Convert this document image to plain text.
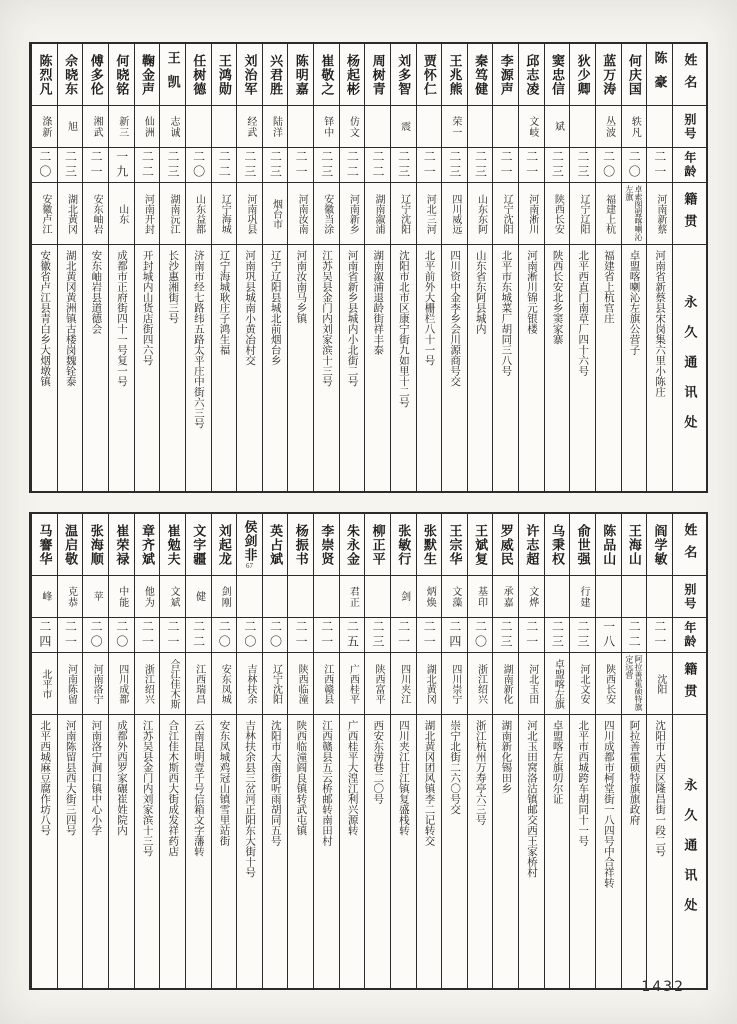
姓名
别号
年龄
籍贯
永久通讯处
陈豪
二一
河南新蔡
河南省新蔡县宋岗集六里小陈庄
何庆国
轶凡
二〇
卓索图盟喀喇沁左旗
卓盟喀喇沁左旗公营子
蓝万涛
丛波
二〇
福建上杭
福建省上杭官庄
狄少卿
二三
辽宁辽阳
北平西直门南草厂四十六号
窦忠信
斌
二三
陕西长安
陕西长安北乡窦家寨
邱志凌
文岐
二一
河南淅川
河南淅川锦元银楼
李源声
二一
辽宁沈阳
北平市东城菜厂胡同三八号
秦笃健
二三
山东东阿
山东省东阿县城内
王兆熊
荣一
二三
四川威远
四川资中金李乡会川源商号交
贾怀仁
二一
河北三河
北平前外大栅栏八十一号
刘多智
震
二三
辽宁沈阳
沈阳市北市区康宁街九如里十二号
周树青
二二
湖南溆浦
湖南溆浦退龄街祥丰泰
杨起彬
仿文
二二
河南新乡
河南省新乡县城内小北街二号
崔敬之
铎中
二三
安徽当涂
江苏吴县金门内刘家滨十三号
陈明嘉
二一
河南汝南
河南汝南马乡镇
兴君胜
陆洋
二三
烟台市
辽宁辽阳县城北前烟台乡
刘治军
经武
二三
河南巩县
河南巩县城南小黄冶村交
王鸿勋
二二
辽宁海城
辽宁海城耿庄子鸿生福
任树德
二〇
山东益都
济南市经七路纬五路太平庄中街六三号
王凯
志诚
二三
湖南沅江
长沙惠湘街三号
鞠金声
仙洲
二二
河南开封
开封城内山货店街四六号
何晓铭
新三
一九
山东
成都市正府街四十一号复一号
傅多伦
湘武
二一
安东岫岩
安东岫岩县道德会
佘晓东
旭
二三
湖北黄冈
湖北黄冈黄洲镇古楼岗魏铨泰
陈烈凡
涤新
二〇
安徽卢江
安徽省卢江县青白乡大烟墩镇
姓名
别号
年龄
籍贯
永久通讯处
阎学敏
二一
沈阳
沈阳市大西区隆昌街一段二号
王海山
二二
阿拉善霍硕特旗定远营
阿拉善霍硕特旗旗政府
陈品山
一八
陕西长安
四川成都市柯堂街一八四号中合祥转
俞世强
行建
二三
河北文安
北平市西城跨车胡同十一号
乌秉权
二三
卓盟喀左旗
卓盟喀左旗叨尔证
许志超
文烨
二一
河北玉田
河北玉田窝洛沽镇邮交西王家桥村
罗威民
承嘉
二三
湖南新化
湖南新化锡田乡
王斌复
基印
二〇
浙江绍兴
浙江杭州万寿亭六三号
王宗华
文藻
二四
四川崇宁
崇宁北街二六〇号交
张默生
炳焕
二一
湖北黄冈
湖北黄冈团风镇李二记转交
张敏行
剑
二一
四川夹江
四川夹江甘江镇复盛栈转
柳正平
二三
陕西富平
西安东涝巷二〇号
朱永金
君正
二五
广西桂平
广西桂平大湟江利兴源转
李崇贤
二一
江西赣县
江西赣县五云桥邮转南田村
杨振书
二一
陕西临潼
陕西临潼阎良镇转武屯镇
英占斌
二〇
辽宁沈阳
沈阳市大南街听雨胡同五号
侯剑非
67
二〇
吉林扶余
吉林扶余县三岔河正阳东大街十号
刘起龙
剑刚
二〇
安东凤城
安东凤城鸡冠山镇雪里站街
文字疆
健
二二
江西瑞昌
云南昆明壹千号信箱文字藩转
崔勉夫
文斌
二一
合江佳木斯
合江佳木斯西大街成发祥药店
章齐斌
他为
二一
浙江绍兴
江苏吴县金门内刘家滨十三号
崔荣禄
中能
二〇
四川成都
成都外西罗家碾崔姓院内
张海顺
苹
二〇
河南洛宁
河南洛宁涧口镇中心小学
温启敬
克恭
二一
河南陈留
河南陈留县西大街三四号
马謇华
峰
二四
北平市
北平西城麻豆腐作坊八号
1432
